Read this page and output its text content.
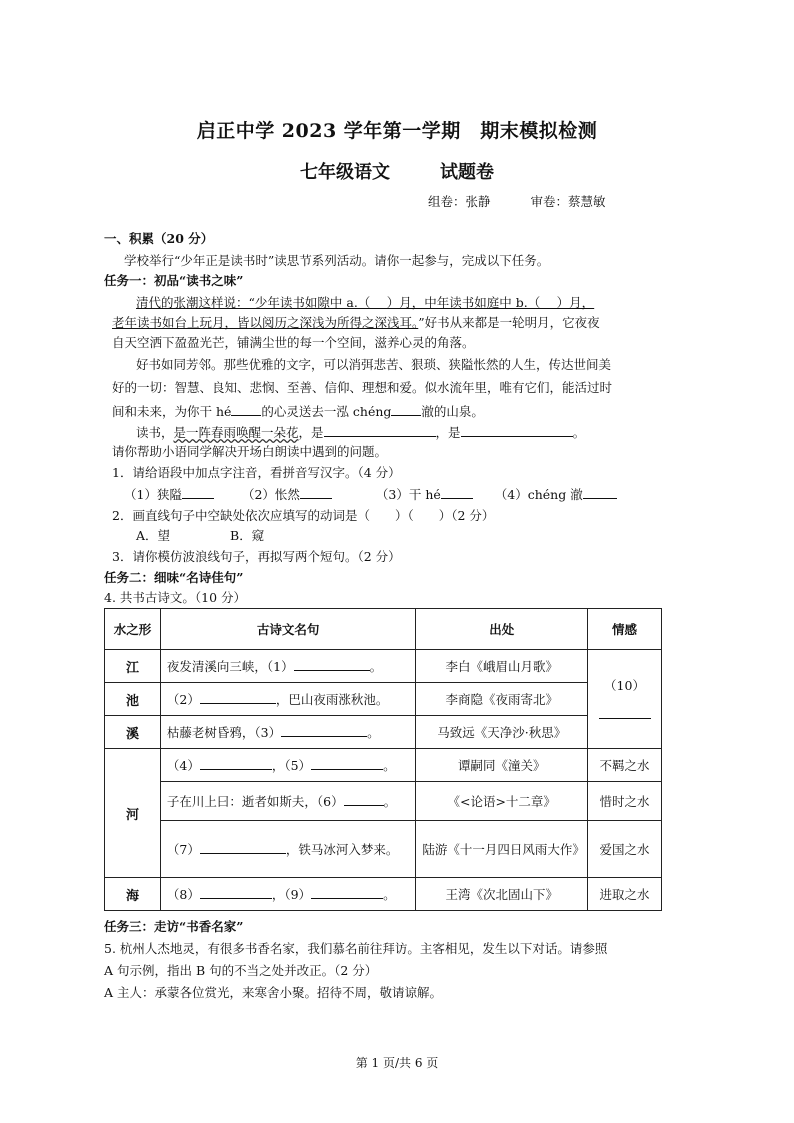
启正中学 2023 学年第一学期　期末模拟检测
七年级语文	试题卷
组卷：张静	审卷：蔡慧敏
一、积累（20 分）
学校举行“少年正是读书时”读思节系列活动。请你一起参与，完成以下任务。
任务一：初品“读书之味”
清代的张潮这样说：“少年读书如隙中 a.（　 ）月，中年读书如庭中 b.（　 ）月，
老年读书如台上玩月，皆以阅历之深浅为所得之深浅耳。”好书从来都是一轮明月，它夜夜
自天空洒下盈盈光芒，铺满尘世的每一个空间，滋养心灵的角落。
好书如同芳邻。那些优雅的文字，可以消弭悲苦、狠琐、狭隘怅然的人生，传达世间美
好的一切：智慧、良知、悲悯、至善、信仰、理想和爱。似水流年里，唯有它们，能活过时
间和未来，为你干 hé 的心灵送去一泓 chéng 澈的山泉。
读书，是一阵春雨唤醒一朵花，是	，是	。
请你帮助小语同学解决开场白朗读中遇到的问题。
1．请给语段中加点字注音，看拼音写汉字。（4 分）
（1）狭隘	（2）怅然	（3）干 hé	（4）chéng 澈
2．画直线句子中空缺处依次应填写的动词是（　　）（　　）（2 分）
A．望	B．窥
3．请你模仿波浪线句子，再拟写两个短句。（2 分）
任务二：细味“名诗佳句”
4. 共书古诗文。（10 分）
水之形	古诗文名句	出处	情感
江	夜发清溪向三峡，（1） 。	李白《峨眉山月歌》	（10）

池	（2） ，巴山夜雨涨秋池。	李商隐《夜雨寄北》	
溪	枯藤老树昏鸦，（3） 。	马致远《天净沙·秋思》	
河	（4） ，（5） 。	谭嗣同《潼关》	不羁之水
	子在川上曰：逝者如斯夫，（6） 。	《<论语>十二章》	惜时之水
	（7） ，铁马冰河入梦来。	陆游《十一月四日风雨大作》	爱国之水
海	（8） ，（9） 。	王湾《次北固山下》	进取之水
任务三：走访“书香名家”
5. 杭州人杰地灵，有很多书香名家，我们慕名前往拜访。主客相见，发生以下对话。请参照
A 句示例，指出 B 句的不当之处并改正。（2 分）
A 主人：承蒙各位赏光，来寒舍小聚。招待不周，敬请谅解。
第 1 页/共 6 页
